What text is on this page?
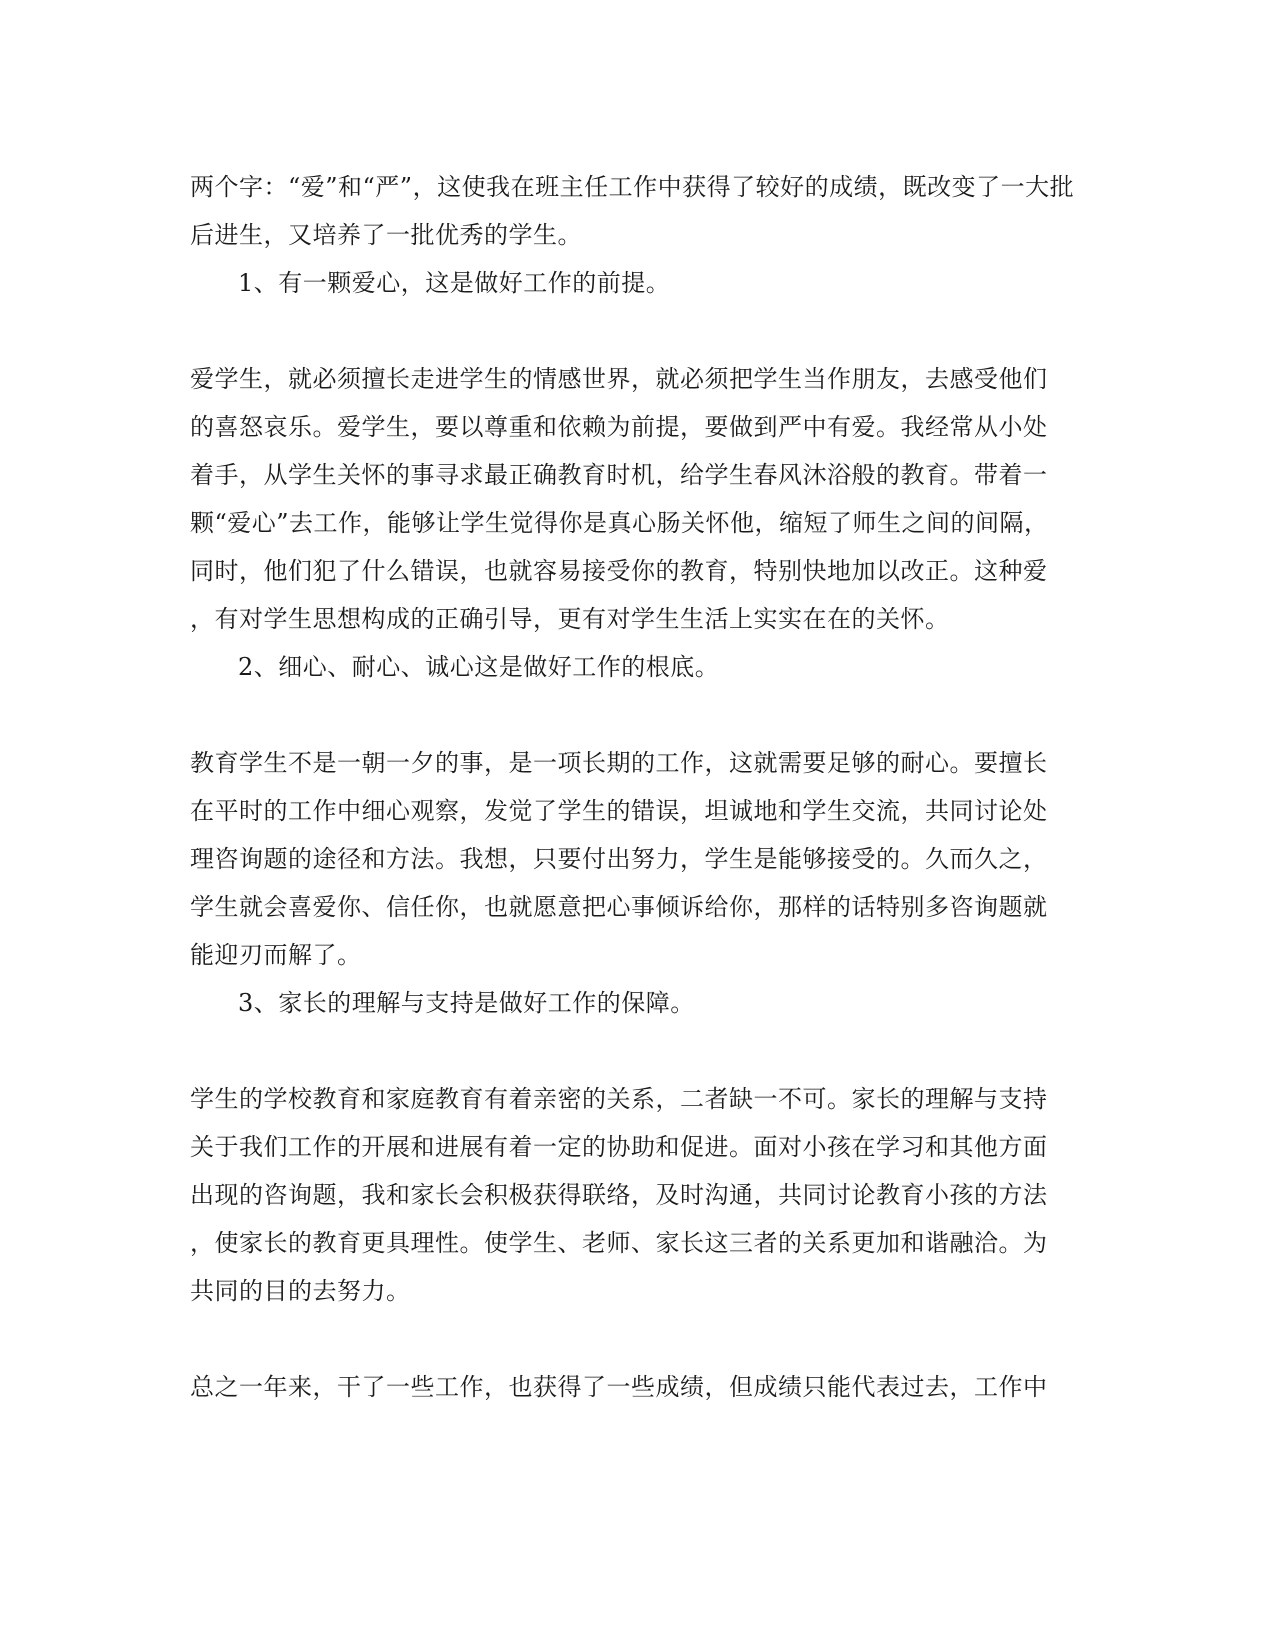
两个字：“爱”和“严”，这使我在班主任工作中获得了较好的成绩，既改变了一大批
后进生，又培养了一批优秀的学生。
1、有一颗爱心，这是做好工作的前提。
爱学生，就必须擅长走进学生的情感世界，就必须把学生当作朋友，去感受他们
的喜怒哀乐。爱学生，要以尊重和依赖为前提，要做到严中有爱。我经常从小处
着手，从学生关怀的事寻求最正确教育时机，给学生春风沐浴般的教育。带着一
颗“爱心”去工作，能够让学生觉得你是真心肠关怀他，缩短了师生之间的间隔，
同时，他们犯了什么错误，也就容易接受你的教育，特别快地加以改正。这种爱
，有对学生思想构成的正确引导，更有对学生生活上实实在在的关怀。
2、细心、耐心、诚心这是做好工作的根底。
教育学生不是一朝一夕的事，是一项长期的工作，这就需要足够的耐心。要擅长
在平时的工作中细心观察，发觉了学生的错误，坦诚地和学生交流，共同讨论处
理咨询题的途径和方法。我想，只要付出努力，学生是能够接受的。久而久之，
学生就会喜爱你、信任你，也就愿意把心事倾诉给你，那样的话特别多咨询题就
能迎刃而解了。
3、家长的理解与支持是做好工作的保障。
学生的学校教育和家庭教育有着亲密的关系，二者缺一不可。家长的理解与支持
关于我们工作的开展和进展有着一定的协助和促进。面对小孩在学习和其他方面
出现的咨询题，我和家长会积极获得联络，及时沟通，共同讨论教育小孩的方法
，使家长的教育更具理性。使学生、老师、家长这三者的关系更加和谐融洽。为
共同的目的去努力。
总之一年来，干了一些工作，也获得了一些成绩，但成绩只能代表过去，工作中
